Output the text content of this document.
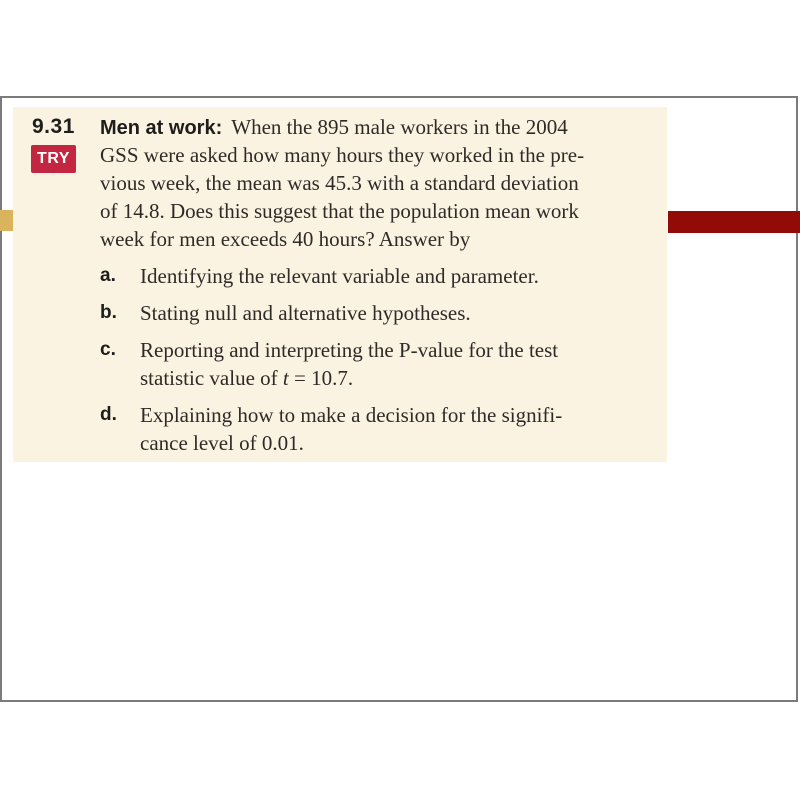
9.31
TRY
Men at work: When the 895 male workers in the 2004
GSS were asked how many hours they worked in the pre-
vious week, the mean was 45.3 with a standard deviation
of 14.8. Does this suggest that the population mean work
week for men exceeds 40 hours? Answer by
a. Identifying the relevant variable and parameter.
b. Stating null and alternative hypotheses.
c. Reporting and interpreting the P-value for the test
statistic value of t = 10.7.
d. Explaining how to make a decision for the signifi-
cance level of 0.01.
